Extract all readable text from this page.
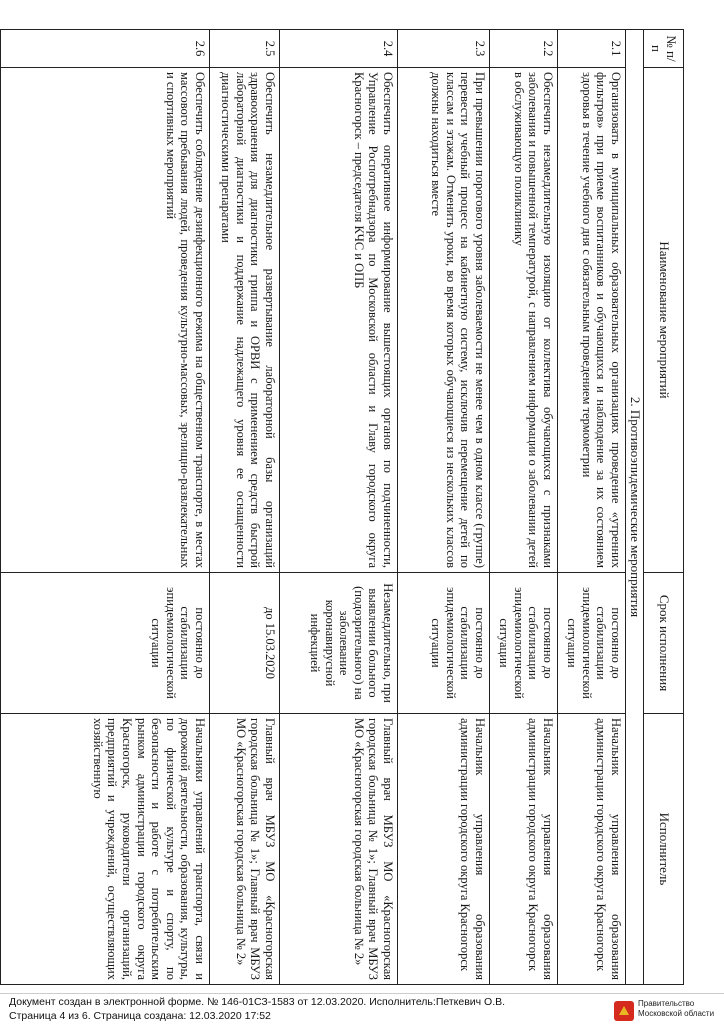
№ п/п	Наименование мероприятий	Срок исполнения	Исполнитель
2. Противоэпидемические мероприятия			
2.1	Организовать в муниципальных образовательных организациях проведение «утренних фильтров» при приеме воспитанников и обучающихся и наблюдение за их состоянием здоровья в течение учебного дня с обязательным проведением термометрии	постоянно до стабилизации эпидемиологической ситуации	Начальник управления образования администрации городского округа Красногорск
2.2	Обеспечить незамедлительную изоляцию от коллектива обучающихся с признаками заболевания и повышенной температурой, с направлением информации о заболевании детей в обслуживающую поликлинику	постоянно до стабилизации эпидемиологической ситуации	Начальник управления образования администрации городского округа Красногорск
2.3	При превышении порогового уровня заболеваемости не менее чем в одном классе (группе) перевести учебный процесс на кабинетную систему, исключив перемещение детей по классам и этажам. Отменить уроки, во время которых обучающиеся из нескольких классов должны находиться вместе	постоянно до стабилизации эпидемиологической ситуации	Начальник управления образования администрации городского округа Красногорск
2.4	Обеспечить оперативное информирование вышестоящих органов по подчиненности, Управление Роспотребнадзора по Московской области и Главу городского округа Красногорск – председателя КЧС и ОПБ	Незамедлительно, при выявлении больного (подозрительного) на заболевание коронавирусной инфекцией	Главный врач МБУЗ МО «Красногорская городская больница № 1»; Главный врач МБУЗ МО «Красногорская городская больница № 2»
2.5	Обеспечить незамедлительное развертывание лабораторной базы организаций здравоохранения для диагностики гриппа и ОРВИ с применением средств быстрой лабораторной диагностики и поддержание надлежащего уровня ее оснащенности диагностическими препаратами	до 15.03.2020	Главный врач МБУЗ МО «Красногорская городская больница № 1»; Главный врач МБУЗ МО «Красногорская городская больница № 2»
2.6	Обеспечить соблюдение дезинфекционного режима на общественном транспорте, в местах массового пребывания людей, проведения культурно-массовых, зрелищно-развлекательных и спортивных мероприятий	постоянно до стабилизации эпидемиологической ситуации	Начальники управлений транспорта, связи и дорожной деятельности, образования, культуры, по физической культуре и спорту, по безопасности и работе с потребительским рынком администрации городского округа Красногорск, руководители организаций, предприятий и учреждений, осуществляющих хозяйственную
Документ создан в электронной форме. № 146-01СЗ-1583 от 12.03.2020. Исполнитель:Петкевич О.В.
Страница 4 из 6. Страница создана: 12.03.2020 17:52
Правительство
Московской области
